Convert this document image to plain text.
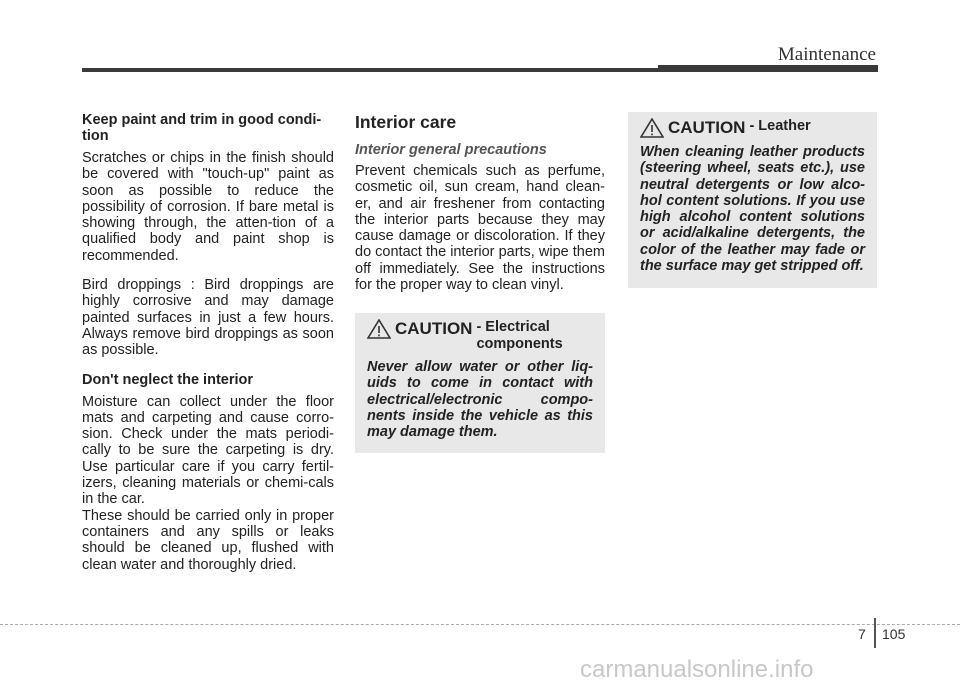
Maintenance
Keep paint and trim in good condi-
tion

Scratches or chips in the finish should be covered with "touch-up" paint as soon as possible to reduce the possibility of corrosion. If bare metal is showing through, the atten-tion of a qualified body and paint shop is recommended.

Bird droppings : Bird droppings are highly corrosive and may damage painted surfaces in just a few hours. Always remove bird droppings as soon as possible.

Don't neglect the interior

Moisture can collect under the floor mats and carpeting and cause corro-sion. Check under the mats periodi-cally to be sure the carpeting is dry. Use particular care if you carry fertil-izers, cleaning materials or chemi-cals in the car.

These should be carried only in proper containers and any spills or leaks should be cleaned up, flushed with clean water and thoroughly dried.

Interior care
Interior general precautions

Prevent chemicals such as perfume, cosmetic oil, sun cream, hand clean-er, and air freshener from contacting the interior parts because they may cause damage or discoloration. If they do contact the interior parts, wipe them off immediately. See the instructions for the proper way to clean vinyl.

CAUTION - Electrical components
Never allow water or other liq-uids to come in contact with electrical/electronic compo-nents inside the vehicle as this may damage them.
CAUTION - Leather
When cleaning leather products (steering wheel, seats etc.), use neutral detergents or low alco-hol content solutions. If you use high alcohol content solutions or acid/alkaline detergents, the color of the leather may fade or the surface may get stripped off.
7 105
carmanualsonline.info
